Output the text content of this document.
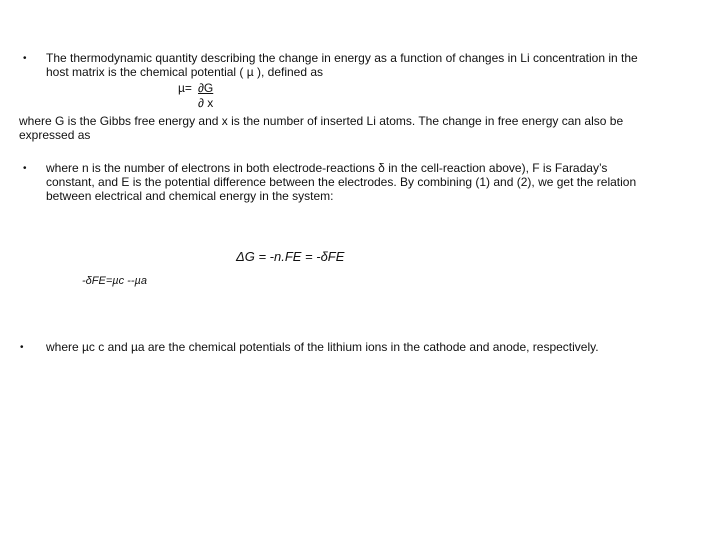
• The thermodynamic quantity describing the change in energy as a function of changes in Li concentration in the
host matrix is the chemical potential ( µ ), defined as
µ= ∂G
∂ x
where G is the Gibbs free energy and x is the number of inserted Li atoms. The change in free energy can also be
expressed as
• where n is the number of electrons in both electrode-reactions δ in the cell-reaction above), F is Faraday’s
constant, and E is the potential difference between the electrodes. By combining (1) and (2), we get the relation
between electrical and chemical energy in the system:
ΔG = -n.FE = -δFE
-δFE=µc --µa
• where µc c and µa are the chemical potentials of the lithium ions in the cathode and anode, respectively.
